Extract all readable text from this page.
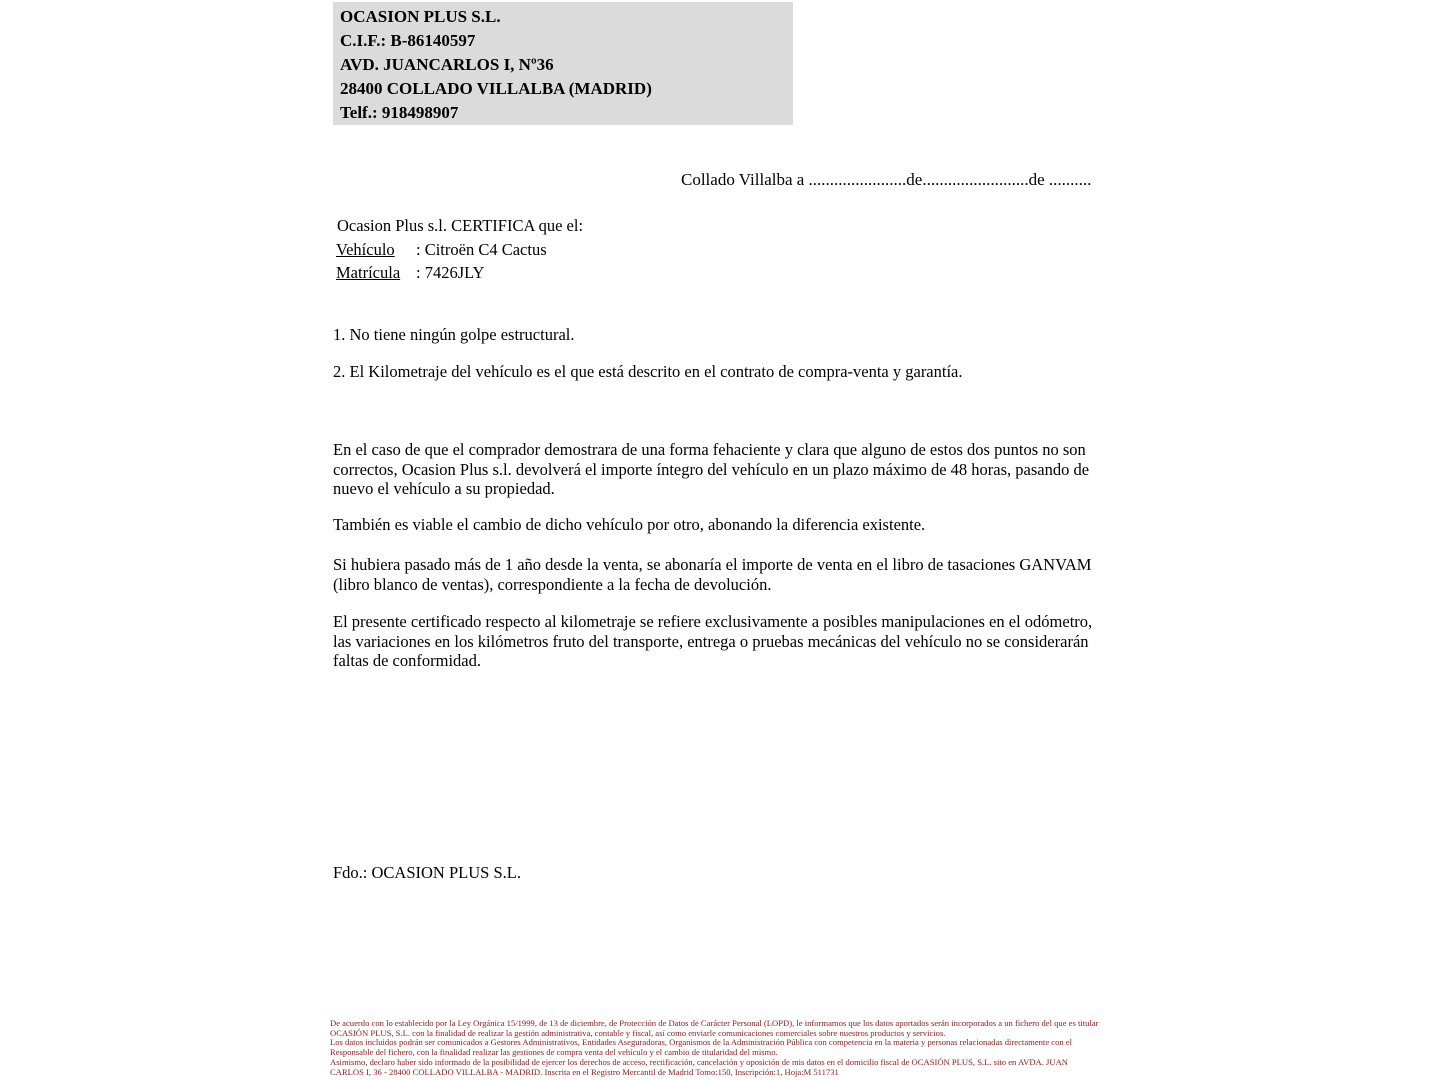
OCASION PLUS S.L.
C.I.F.: B-86140597
AVD. JUANCARLOS I, Nº36
28400 COLLADO VILLALBA (MADRID)
Telf.: 918498907
Collado Villalba a .......................de.........................de ..........
Ocasion Plus s.l. CERTIFICA que el:
Vehículo : Citroën C4 Cactus
Matrícula : 7426JLY
1. No tiene ningún golpe estructural.
2. El Kilometraje del vehículo es el que está descrito en el contrato de compra-venta y garantía.
En el caso de que el comprador demostrara de una forma fehaciente y clara que alguno de estos dos puntos no son correctos, Ocasion Plus s.l. devolverá el importe íntegro del vehículo en un plazo máximo de 48 horas, pasando de nuevo el vehículo a su propiedad.
También es viable el cambio de dicho vehículo por otro, abonando la diferencia existente.
Si hubiera pasado más de 1 año desde la venta, se abonaría el importe de venta en el libro de tasaciones GANVAM (libro blanco de ventas), correspondiente a la fecha de devolución.
El presente certificado respecto al kilometraje se refiere exclusivamente a posibles manipulaciones en el odómetro, las variaciones en los kilómetros fruto del transporte, entrega o pruebas mecánicas del vehículo no se considerarán faltas de conformidad.
Fdo.: OCASION PLUS S.L.

De acuerdo con lo establecido por la Ley Orgánica 15/1999, de 13 de diciembre, de Protección de Datos de Carácter Personal (LOPD), le informamos que los datos aportados serán incorporados a un fichero del que es titular OCASIÓN PLUS, S.L. con la finalidad de realizar la gestión administrativa, contable y fiscal, así como enviarle comunicaciones comerciales sobre nuestros productos y servicios.

Los datos incluidos podrán ser comunicados a Gestores Administrativos, Entidades Aseguradoras, Organismos de la Administración Pública con competencia en la materia y personas relacionadas directamente con el Responsable del fichero, con la finalidad realizar las gestiones de compra venta del vehículo y el cambio de titularidad del mismo.

Asimismo, declaro haber sido informado de la posibilidad de ejercer los derechos de acceso, rectificación, cancelación y oposición de mis datos en el domicilio fiscal de OCASIÓN PLUS, S.L. sito en AVDA. JUAN CARLOS I, 36 - 28400 COLLADO VILLALBA - MADRID. Inscrita en el Registro Mercantil de Madrid Tomo:150, Inscripción:1, Hoja:M 511731
